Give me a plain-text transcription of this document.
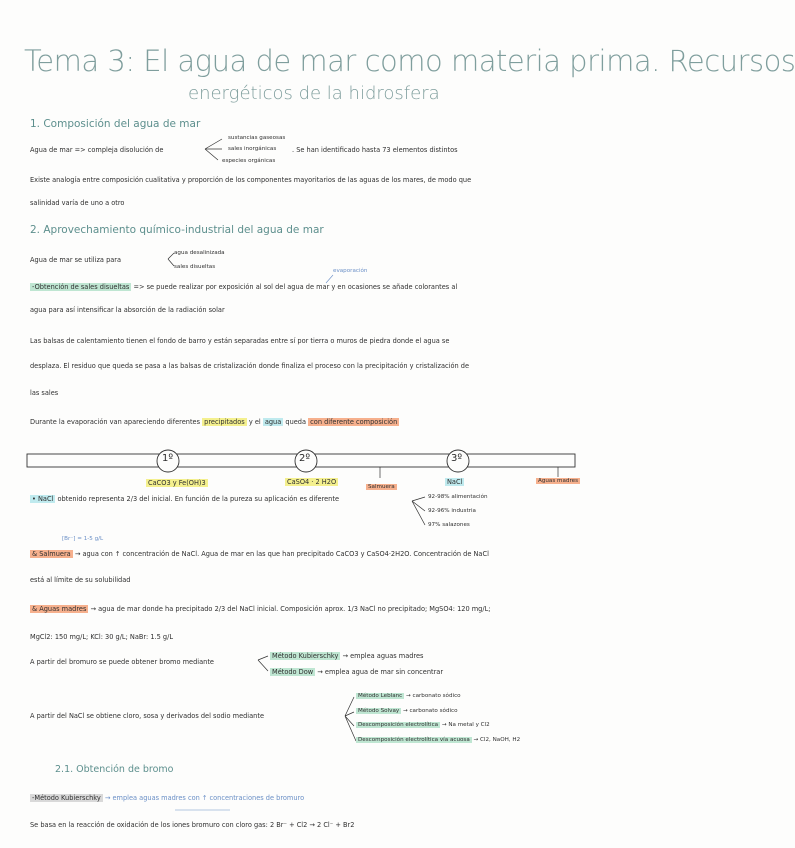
Tema 3: El agua de mar como materia prima. Recursos
energéticos de la hidrosfera
1. Composición del agua de mar
Agua de mar => compleja disolución de
sustancias gaseosas
sales inorgánicas
especies orgánicas
. Se han identificado hasta 73 elementos distintos
Existe analogía entre composición cualitativa y proporción de los componentes mayoritarios de las aguas de los mares, de modo que
salinidad varía de uno a otro
2. Aprovechamiento químico-industrial del agua de mar
Agua de mar se utiliza para
agua desalinizada
sales disueltas
-Obtención de sales disueltas => se puede realizar por exposición al sol del agua de mar y en ocasiones se añade colorantes al
evaporación
agua para así intensificar la absorción de la radiación solar
Las balsas de calentamiento tienen el fondo de barro y están separadas entre sí por tierra o muros de piedra donde el agua se
desplaza. El residuo que queda se pasa a las balsas de cristalización donde finaliza el proceso con la precipitación y cristalización de
las sales
Durante la evaporación van apareciendo diferentes precipitados y el agua queda con diferente composición
1º	2º	3º
CaCO3 y Fe(OH)3	CaSO4 · 2 H2O
Salmuera
NaCl	Aguas madres
• NaCl obtenido representa 2/3 del inicial. En función de la pureza su aplicación es diferente	92-98% alimentación
92-96% industria
97% salazones
[Br⁻] = 1-5 g/L
& Salmuera → agua con ↑ concentración de NaCl. Agua de mar en las que han precipitado CaCO3 y CaSO4·2H2O. Concentración de NaCl
está al límite de su solubilidad
& Aguas madres → agua de mar donde ha precipitado 2/3 del NaCl inicial. Composición aprox. 1/3 NaCl no precipitado; MgSO4: 120 mg/L;
MgCl2: 150 mg/L; KCl: 30 g/L; NaBr: 1.5 g/L
A partir del bromuro se puede obtener bromo mediante
Método Kubierschky → emplea aguas madres
Método Dow → emplea agua de mar sin concentrar
A partir del NaCl se obtiene cloro, sosa y derivados del sodio mediante
Método Leblanc → carbonato sódico
Método Solvay → carbonato sódico
Descomposición electrolítica → Na metal y Cl2
Descomposición electrolítica vía acuosa → Cl2, NaOH, H2
2.1. Obtención de bromo
-Método Kubierschky → emplea aguas madres con ↑ concentraciones de bromuro
Se basa en la reacción de oxidación de los iones bromuro con cloro gas: 2 Br⁻ + Cl2 → 2 Cl⁻ + Br2
